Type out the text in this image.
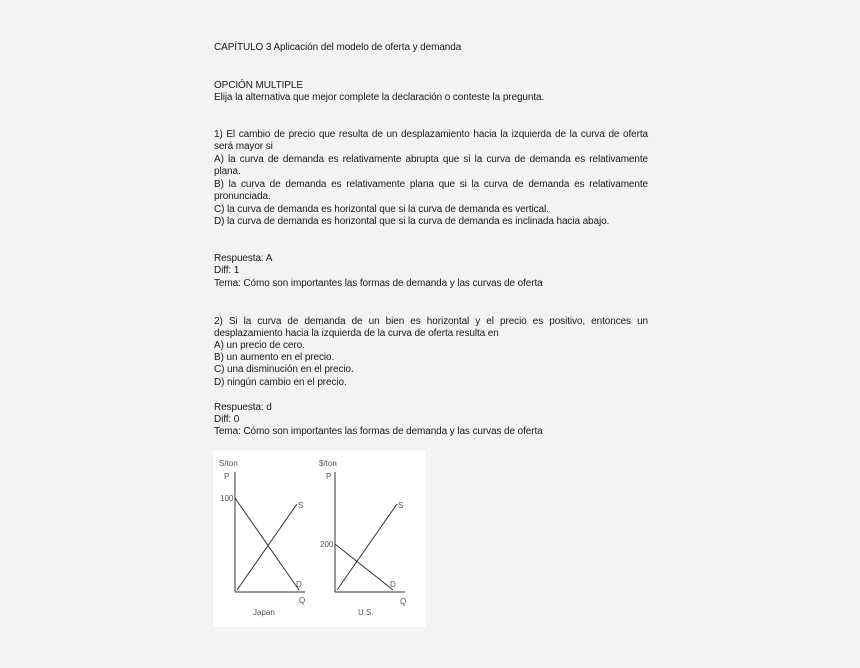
CAPÍTULO 3 Aplicación del modelo de oferta y demanda

OPCIÓN MULTIPLE

Elija la alternativa que mejor complete la declaración o conteste la pregunta.

1) El cambio de precio que resulta de un desplazamiento hacia la izquierda de la curva de oferta será mayor si

A) la curva de demanda es relativamente abrupta que si la curva de demanda es relativamente plana.

B) la curva de demanda es relativamente plana que si la curva de demanda es relativamente pronunciada.

C) la curva de demanda es horizontal que si la curva de demanda es vertical.

D) la curva de demanda es horizontal que si la curva de demanda es inclinada hacia abajo.

Respuesta: A

Diff: 1

Tema: Cómo son importantes las formas de demanda y las curvas de oferta

2) Si la curva de demanda de un bien es horizontal y el precio es positivo, entonces un desplazamiento hacia la izquierda de la curva de oferta resulta en

A) un precio de cero.

B) un aumento en el precio.

C) una disminución en el precio.

D) ningún cambio en el precio.

Respuesta: d

Diff: 0

Tema: Cómo son importantes las formas de demanda y las curvas de oferta

S/ton
P
100
S
D
Q
Japan
$/ton
P
200
S
D
Q
U.S.
